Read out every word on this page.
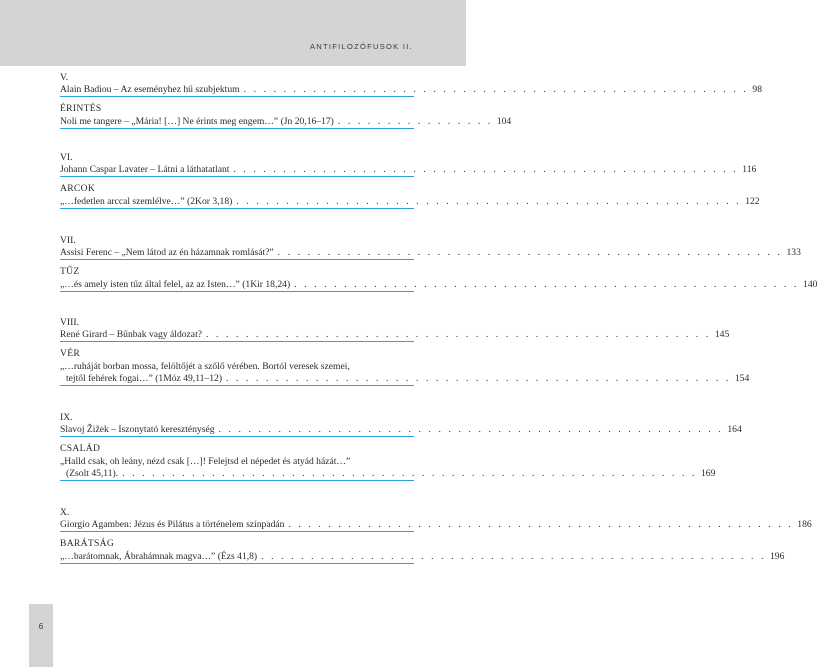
ANTIFILOZÓFUSOK II.
6
V.
Alain Badiou – Az eseményhez hű szubjektum . . . . . . . . . . . . . . . . . . . . . . . . . . . . . . . . . . . . . . . . . . . . . . . . . . . 98
ÉRINTÉS
Noli me tangere – „Mária! […] Ne érints meg engem…” (Jn 20,16–17) . . . . . . . . . . . . . . . . 104
VI.
Johann Caspar Lavater – Látni a láthatatlant . . . . . . . . . . . . . . . . . . . . . . . . . . . . . . . . . . . . . . . . . . . . . . . . . . . 116
ARCOK
„…fedetlen arccal szemlélve…” (2Kor 3,18) . . . . . . . . . . . . . . . . . . . . . . . . . . . . . . . . . . . . . . . . . . . . . . . . . . . 122
VII.
Assisi Ferenc – „Nem látod az én házamnak romlását?” . . . . . . . . . . . . . . . . . . . . . . . . . . . . . . . . . . . . . . . . . . . . . . . . . . . 133
TŰZ
„…és amely isten tűz által felel, az az Isten…” (1Kir 18,24) . . . . . . . . . . . . . . . . . . . . . . . . . . . . . . . . . . . . . . . . . . . . . . . . . . . 140
VIII.
René Girard – Bűnbak vagy áldozat? . . . . . . . . . . . . . . . . . . . . . . . . . . . . . . . . . . . . . . . . . . . . . . . . . . . 145
VÉR
„…ruháját borban mossa, felöltőjét a szőlő vérében. Bortól veresek szemei,
tejtől fehérek fogai…” (1Móz 49,11–12) . . . . . . . . . . . . . . . . . . . . . . . . . . . . . . . . . . . . . . . . . . . . . . . . . . . 154
IX.
Slavoj Žižek – Iszonytató kereszténység . . . . . . . . . . . . . . . . . . . . . . . . . . . . . . . . . . . . . . . . . . . . . . . . . . . 164
CSALÁD
„Halld csak, oh leány, nézd csak […]! Felejtsd el népedet és atyád házát…”
(Zsolt 45,11). . . . . . . . . . . . . . . . . . . . . . . . . . . . . . . . . . . . . . . . . . . . . . . . . . . . . . . . . . . 169
X.
Giorgio Agamben: Jézus és Pilátus a történelem színpadán . . . . . . . . . . . . . . . . . . . . . . . . . . . . . . . . . . . . . . . . . . . . . . . . . . . 186
BARÁTSÁG
„…barátomnak, Ábrahámnak magva…” (Ézs 41,8) . . . . . . . . . . . . . . . . . . . . . . . . . . . . . . . . . . . . . . . . . . . . . . . . . . . 196
